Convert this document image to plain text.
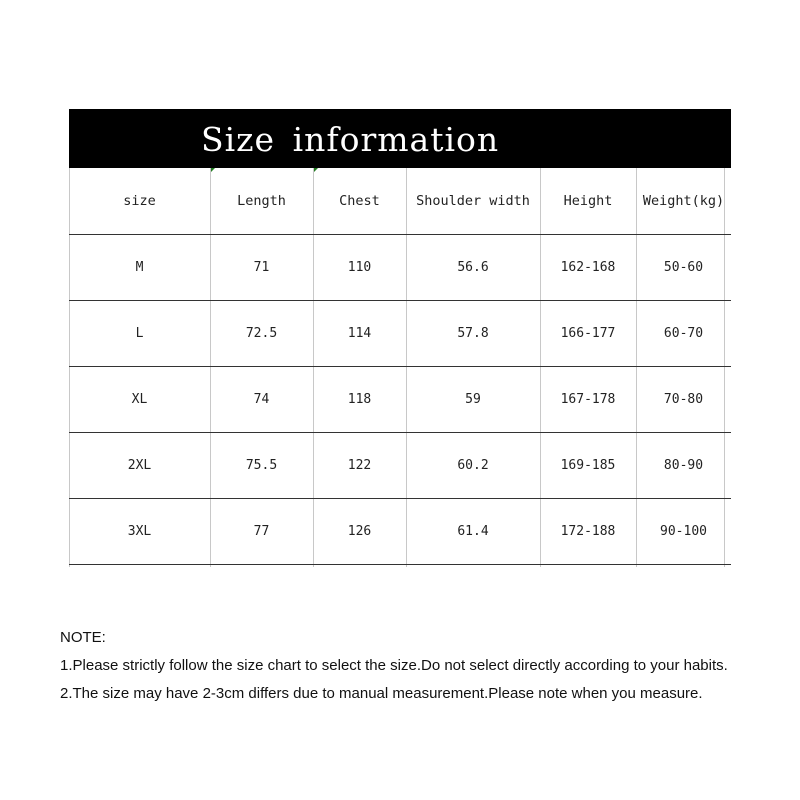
Size information
size	Length	Chest	Shoulder width	Height	Weight(kg)
M	71	110	56.6	162-168	50-60
L	72.5	114	57.8	166-177	60-70
XL	74	118	59	167-178	70-80
2XL	75.5	122	60.2	169-185	80-90
3XL	77	126	61.4	172-188	90-100
NOTE:
1.Please strictly follow the size chart to select the size.Do not select directly according to your habits.
2.The size may have 2-3cm differs due to manual measurement.Please note when you measure.
